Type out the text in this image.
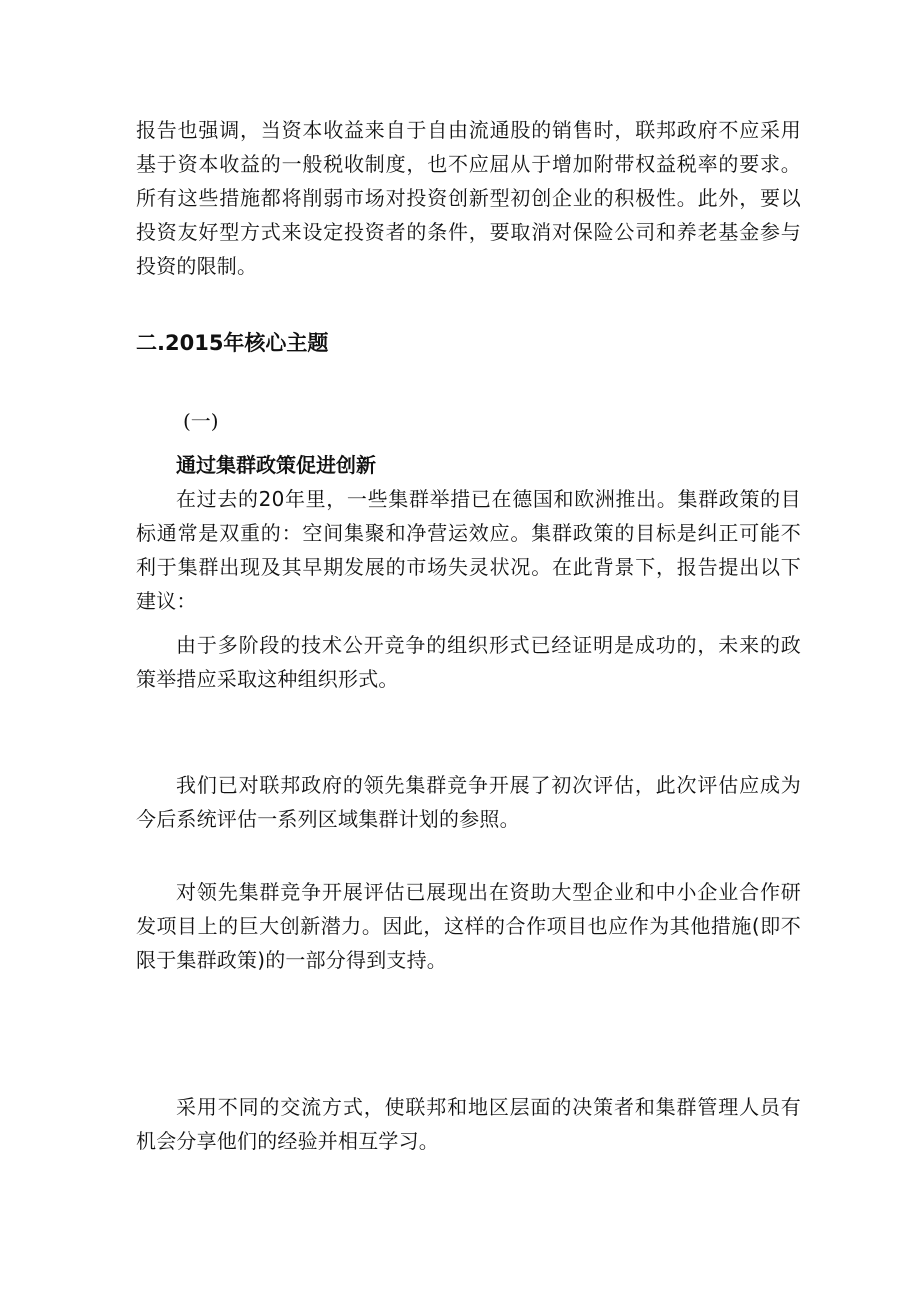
报告也强调，当资本收益来自于自由流通股的销售时，联邦政府不应采用基于资本收益的一般税收制度，也不应屈从于增加附带权益税率的要求。所有这些措施都将削弱市场对投资创新型初创企业的积极性。此外，要以投资友好型方式来设定投资者的条件，要取消对保险公司和养老基金参与投资的限制。

二.2015年核心主题
(一)
通过集群政策促进创新

在过去的20年里，一些集群举措已在德国和欧洲推出。集群政策的目标通常是双重的：空间集聚和净营运效应。集群政策的目标是纠正可能不利于集群出现及其早期发展的市场失灵状况。在此背景下，报告提出以下建议：

由于多阶段的技术公开竞争的组织形式已经证明是成功的，未来的政策举措应采取这种组织形式。

我们已对联邦政府的领先集群竞争开展了初次评估，此次评估应成为今后系统评估一系列区域集群计划的参照。

对领先集群竞争开展评估已展现出在资助大型企业和中小企业合作研发项目上的巨大创新潜力。因此，这样的合作项目也应作为其他措施(即不限于集群政策)的一部分得到支持。

采用不同的交流方式，使联邦和地区层面的决策者和集群管理人员有机会分享他们的经验并相互学习。
